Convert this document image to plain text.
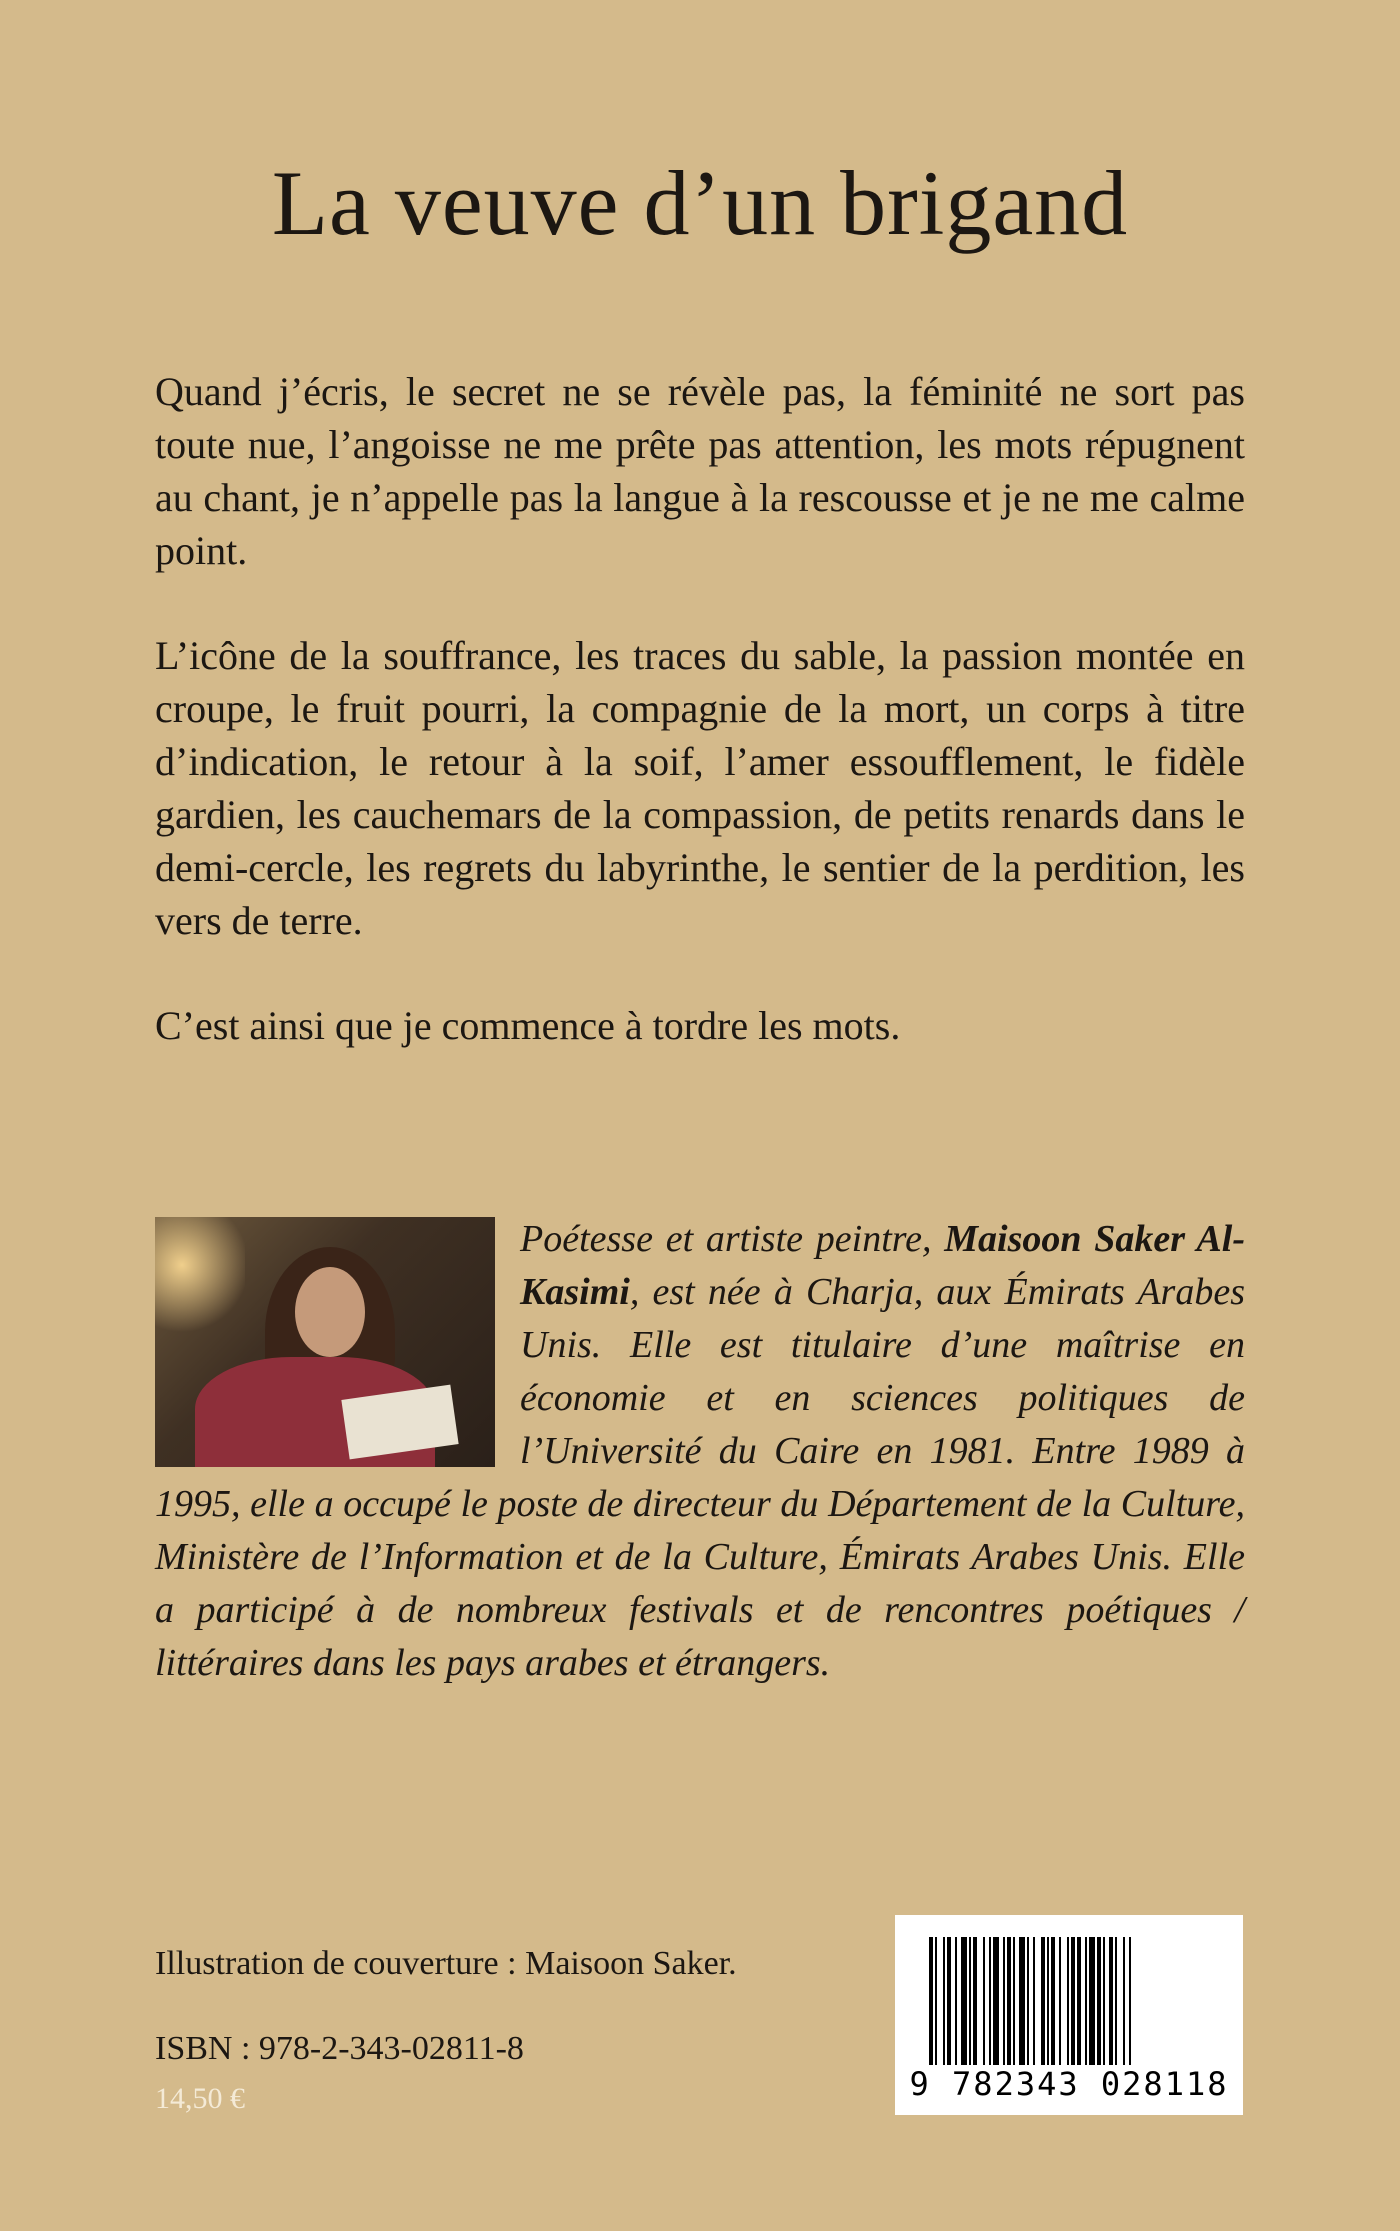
La veuve d’un brigand

Quand j’écris, le secret ne se révèle pas, la féminité ne sort pas toute nue, l’angoisse ne me prête pas attention, les mots répugnent au chant, je n’appelle pas la langue à la rescousse et je ne me calme point.

L’icône de la souffrance, les traces du sable, la passion montée en croupe, le fruit pourri, la compagnie de la mort, un corps à titre d’indication, le retour à la soif, l’amer essoufflement, le fidèle gardien, les cauchemars de la compassion, de petits renards dans le demi-cercle, les regrets du labyrinthe, le sentier de la perdition, les vers de terre.

C’est ainsi que je commence à tordre les mots.

Poétesse et artiste peintre, Maisoon Saker Al-Kasimi, est née à Charja, aux Émirats Arabes Unis. Elle est titulaire d’une maîtrise en économie et en sciences politiques de l’Université du Caire en 1981. Entre 1989 à 1995, elle a occupé le poste de directeur du Département de la Culture, Ministère de l’Information et de la Culture, Émirats Arabes Unis. Elle a participé à de nombreux festivals et de rencontres poétiques / littéraires dans les pays arabes et étrangers.

Illustration de couverture : Maisoon Saker.

ISBN : 978-2-343-02811-8

14,50 €	9 782343 028118
